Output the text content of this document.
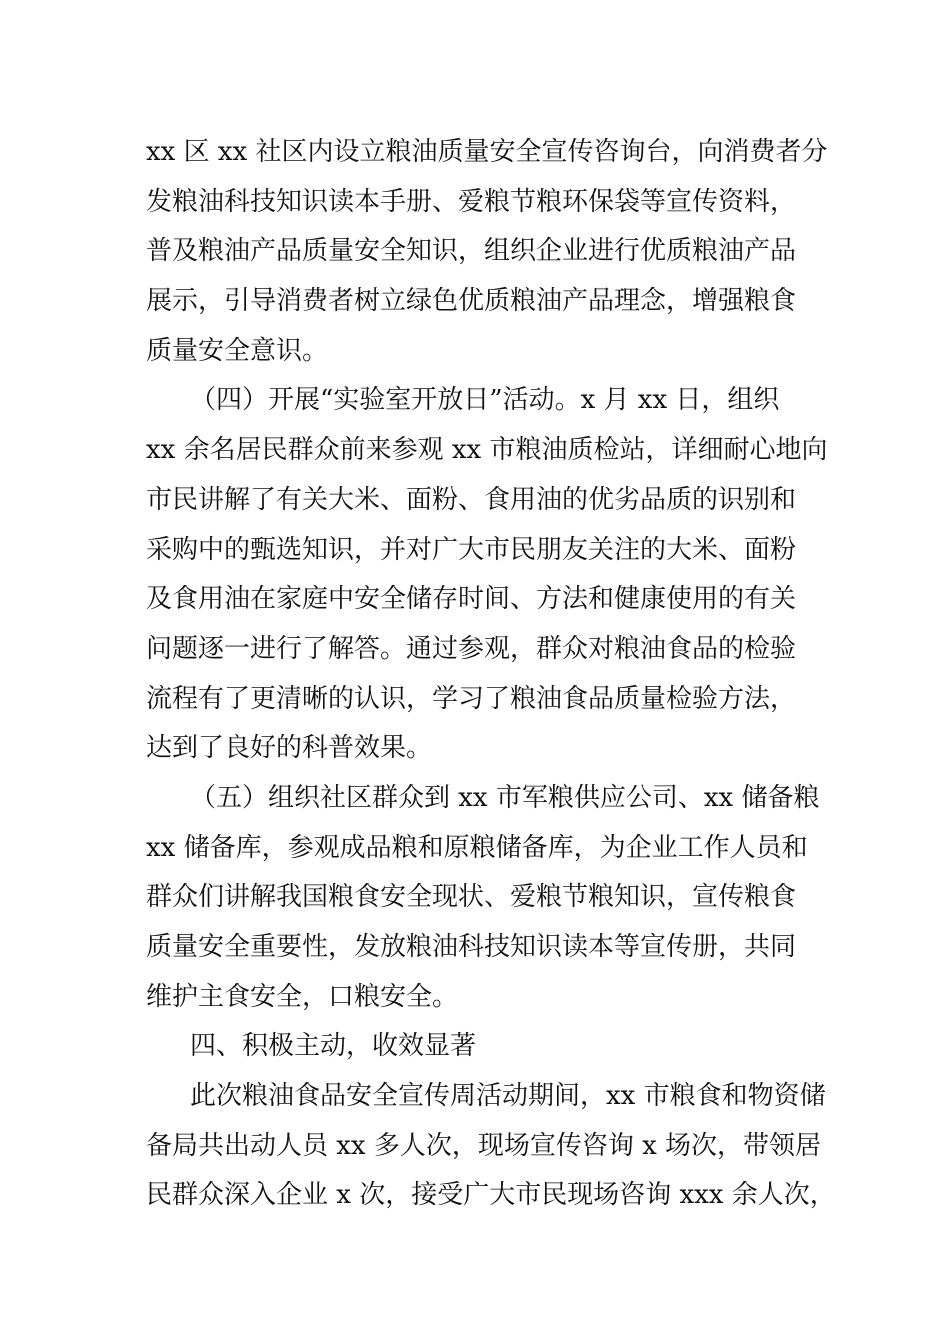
xx 区 xx 社区内设立粮油质量安全宣传咨询台，向消费者分
发粮油科技知识读本手册、爱粮节粮环保袋等宣传资料，
普及粮油产品质量安全知识，组织企业进行优质粮油产品
展示，引导消费者树立绿色优质粮油产品理念，增强粮食
质量安全意识。
（四）开展“实验室开放日”活动。x 月 xx 日，组织
xx 余名居民群众前来参观 xx 市粮油质检站，详细耐心地向
市民讲解了有关大米、面粉、食用油的优劣品质的识别和
采购中的甄选知识，并对广大市民朋友关注的大米、面粉
及食用油在家庭中安全储存时间、方法和健康使用的有关
问题逐一进行了解答。通过参观，群众对粮油食品的检验
流程有了更清晰的认识，学习了粮油食品质量检验方法，
达到了良好的科普效果。
（五）组织社区群众到 xx 市军粮供应公司、xx 储备粮
xx 储备库，参观成品粮和原粮储备库，为企业工作人员和
群众们讲解我国粮食安全现状、爱粮节粮知识，宣传粮食
质量安全重要性，发放粮油科技知识读本等宣传册，共同
维护主食安全，口粮安全。
四、积极主动，收效显著
此次粮油食品安全宣传周活动期间，xx 市粮食和物资储
备局共出动人员 xx 多人次，现场宣传咨询 x 场次，带领居
民群众深入企业 x 次，接受广大市民现场咨询 xxx 余人次，
